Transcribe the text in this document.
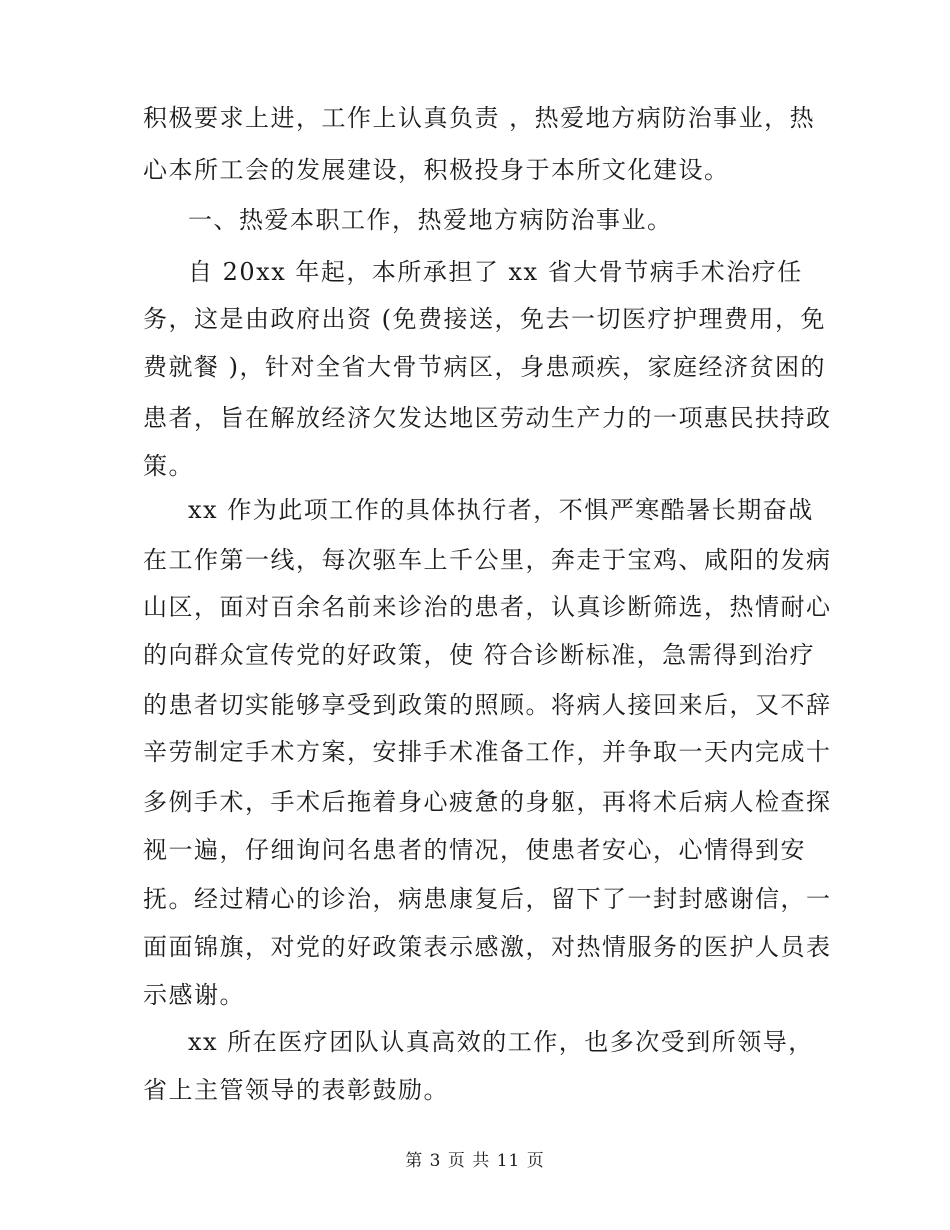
积极要求上进，工作上认真负责 ，热爱地方病防治事业，热
心本所工会的发展建设，积极投身于本所文化建设。
一、热爱本职工作，热爱地方病防治事业。
自 20xx 年起，本所承担了 xx 省大骨节病手术治疗任
务，这是由政府出资 (免费接送，免去一切医疗护理费用，免
费就餐 )，针对全省大骨节病区，身患顽疾，家庭经济贫困的
患者，旨在解放经济欠发达地区劳动生产力的一项惠民扶持政
策。
xx 作为此项工作的具体执行者，不惧严寒酷暑长期奋战
在工作第一线，每次驱车上千公里，奔走于宝鸡、咸阳的发病
山区，面对百余名前来诊治的患者，认真诊断筛选，热情耐心
的向群众宣传党的好政策，使 符合诊断标准，急需得到治疗
的患者切实能够享受到政策的照顾。将病人接回来后，又不辞
辛劳制定手术方案，安排手术准备工作，并争取一天内完成十
多例手术，手术后拖着身心疲惫的身躯，再将术后病人检查探
视一遍，仔细询问名患者的情况，使患者安心，心情得到安
抚。经过精心的诊治，病患康复后，留下了一封封感谢信，一
面面锦旗，对党的好政策表示感激，对热情服务的医护人员表
示感谢。
xx 所在医疗团队认真高效的工作，也多次受到所领导，
省上主管领导的表彰鼓励。
第 3 页 共 11 页
